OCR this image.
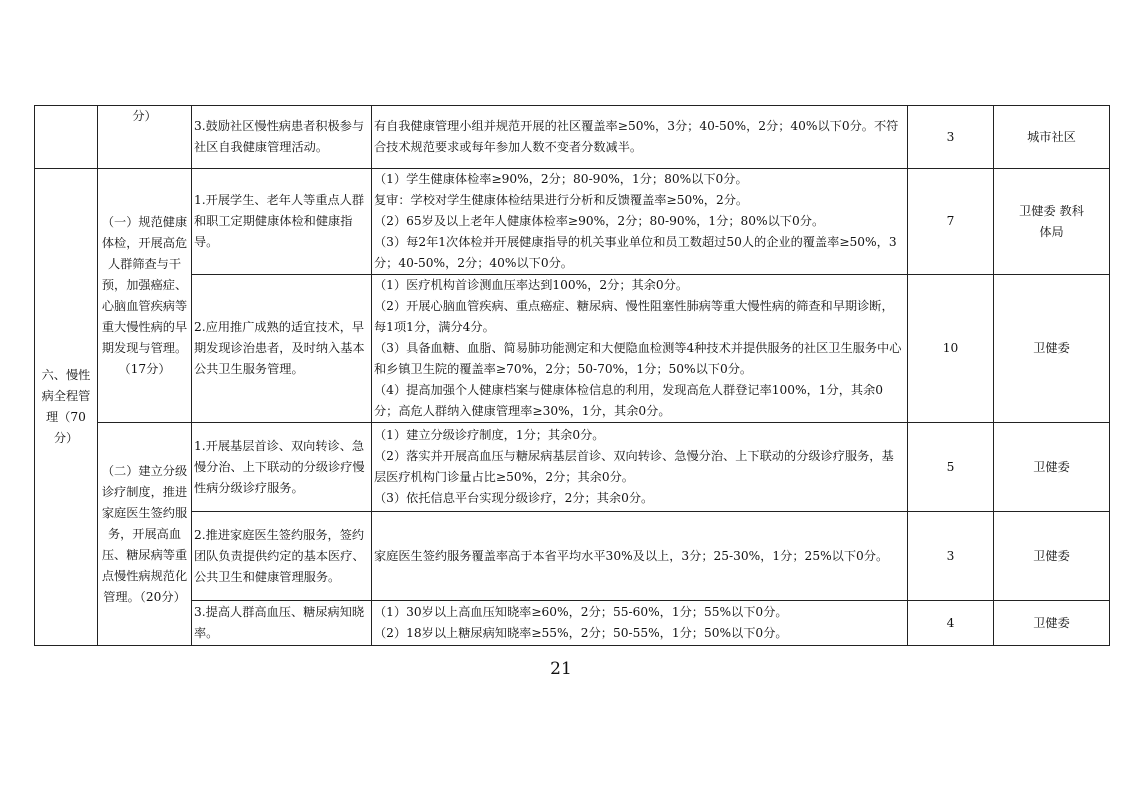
	分）	3.鼓励社区慢性病患者积极参与社区自我健康管理活动。	有自我健康管理小组并规范开展的社区覆盖率≥50%，3分；40-50%，2分；40%以下0分。不符合技术规范要求或每年参加人数不变者分数减半。	3	城市社区
六、慢性病全程管理（70分）	（一）规范健康体检，开展高危人群筛查与干预，加强癌症、心脑血管疾病等重大慢性病的早期发现与管理。（17分）	1.开展学生、老年人等重点人群和职工定期健康体检和健康指导。	（1）学生健康体检率≥90%，2分；80-90%，1分；80%以下0分。
复审：学校对学生健康体检结果进行分析和反馈覆盖率≥50%，2分。
（2）65岁及以上老年人健康体检率≥90%，2分；80-90%，1分；80%以下0分。
（3）每2年1次体检并开展健康指导的机关事业单位和员工数超过50人的企业的覆盖率≥50%，3分；40-50%，2分；40%以下0分。	7	卫健委 教科体局
		2.应用推广成熟的适宜技术，早期发现诊治患者，及时纳入基本公共卫生服务管理。	（1）医疗机构首诊测血压率达到100%，2分；其余0分。
（2）开展心脑血管疾病、重点癌症、糖尿病、慢性阻塞性肺病等重大慢性病的筛查和早期诊断，每1项1分，满分4分。
（3）具备血糖、血脂、简易肺功能测定和大便隐血检测等4种技术并提供服务的社区卫生服务中心和乡镇卫生院的覆盖率≥70%，2分；50-70%，1分；50%以下0分。
（4）提高加强个人健康档案与健康体检信息的利用，发现高危人群登记率100%，1分，其余0分；高危人群纳入健康管理率≥30%，1分，其余0分。	10	卫健委
	（二）建立分级诊疗制度，推进家庭医生签约服务，开展高血压、糖尿病等重点慢性病规范化管理。（20分）	1.开展基层首诊、双向转诊、急慢分治、上下联动的分级诊疗慢性病分级诊疗服务。	（1）建立分级诊疗制度，1分；其余0分。
（2）落实并开展高血压与糖尿病基层首诊、双向转诊、急慢分治、上下联动的分级诊疗服务，基层医疗机构门诊量占比≥50%，2分；其余0分。
（3）依托信息平台实现分级诊疗，2分；其余0分。	5	卫健委
		2.推进家庭医生签约服务，签约团队负责提供约定的基本医疗、公共卫生和健康管理服务。	家庭医生签约服务覆盖率高于本省平均水平30%及以上，3分；25-30%，1分；25%以下0分。	3	卫健委
		3.提高人群高血压、糖尿病知晓率。	（1）30岁以上高血压知晓率≥60%，2分；55-60%，1分；55%以下0分。
（2）18岁以上糖尿病知晓率≥55%，2分；50-55%，1分；50%以下0分。	4	卫健委
21
